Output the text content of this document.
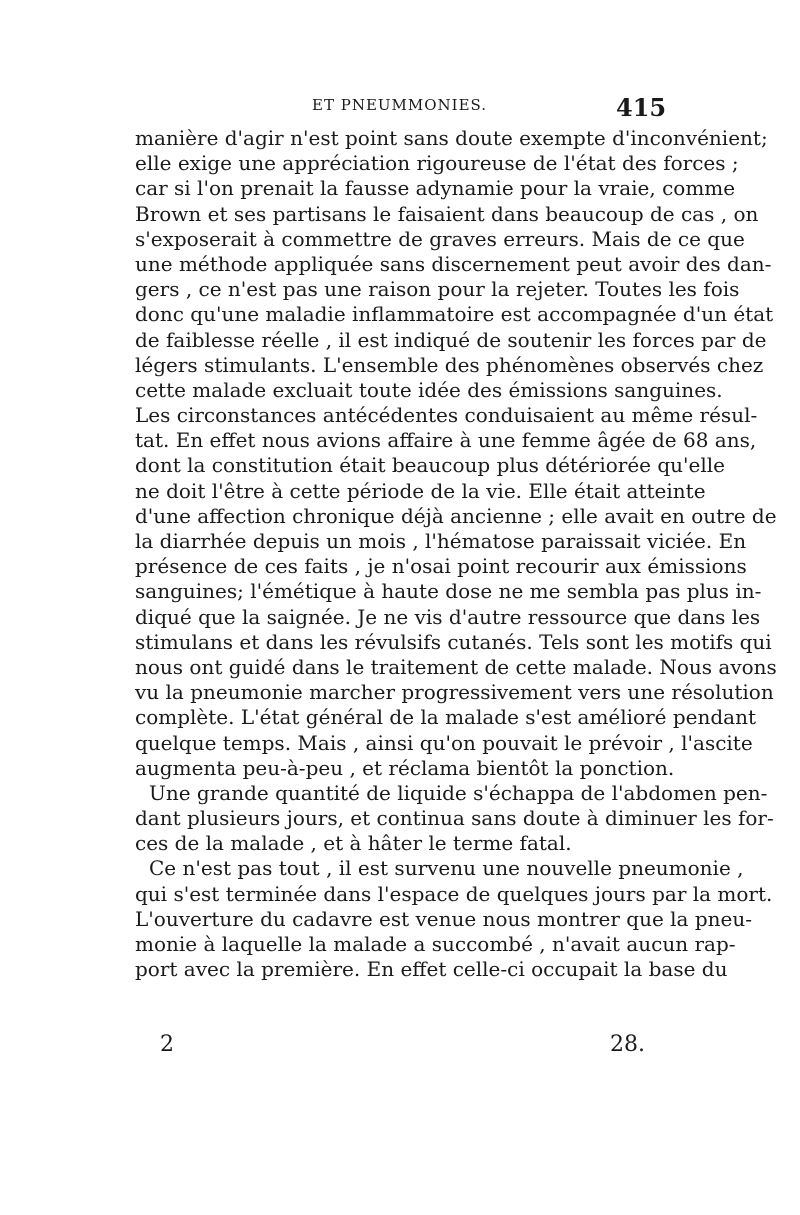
ET PNEUMMONIES.	415
manière d'agir n'est point sans doute exempte d'inconvénient;
elle exige une appréciation rigoureuse de l'état des forces ;
car si l'on prenait la fausse adynamie pour la vraie, comme
Brown et ses partisans le faisaient dans beaucoup de cas , on
s'exposerait à commettre de graves erreurs. Mais de ce que
une méthode appliquée sans discernement peut avoir des dan-
gers , ce n'est pas une raison pour la rejeter. Toutes les fois
donc qu'une maladie inflammatoire est accompagnée d'un état
de faiblesse réelle , il est indiqué de soutenir les forces par de
légers stimulants. L'ensemble des phénomènes observés chez
cette malade excluait toute idée des émissions sanguines.
Les circonstances antécédentes conduisaient au même résul-
tat. En effet nous avions affaire à une femme âgée de 68 ans,
dont la constitution était beaucoup plus détériorée qu'elle
ne doit l'être à cette période de la vie. Elle était atteinte
d'une affection chronique déjà ancienne ; elle avait en outre de
la diarrhée depuis un mois , l'hématose paraissait viciée. En
présence de ces faits , je n'osai point recourir aux émissions
sanguines; l'émétique à haute dose ne me sembla pas plus in-
diqué que la saignée. Je ne vis d'autre ressource que dans les
stimulans et dans les révulsifs cutanés. Tels sont les motifs qui
nous ont guidé dans le traitement de cette malade. Nous avons
vu la pneumonie marcher progressivement vers une résolution
complète. L'état général de la malade s'est amélioré pendant
quelque temps. Mais , ainsi qu'on pouvait le prévoir , l'ascite
augmenta peu-à-peu , et réclama bientôt la ponction.
Une grande quantité de liquide s'échappa de l'abdomen pen-
dant plusieurs jours, et continua sans doute à diminuer les for-
ces de la malade , et à hâter le terme fatal.
Ce n'est pas tout , il est survenu une nouvelle pneumonie ,
qui s'est terminée dans l'espace de quelques jours par la mort.
L'ouverture du cadavre est venue nous montrer que la pneu-
monie à laquelle la malade a succombé , n'avait aucun rap-
port avec la première. En effet celle-ci occupait la base du
2	28.
